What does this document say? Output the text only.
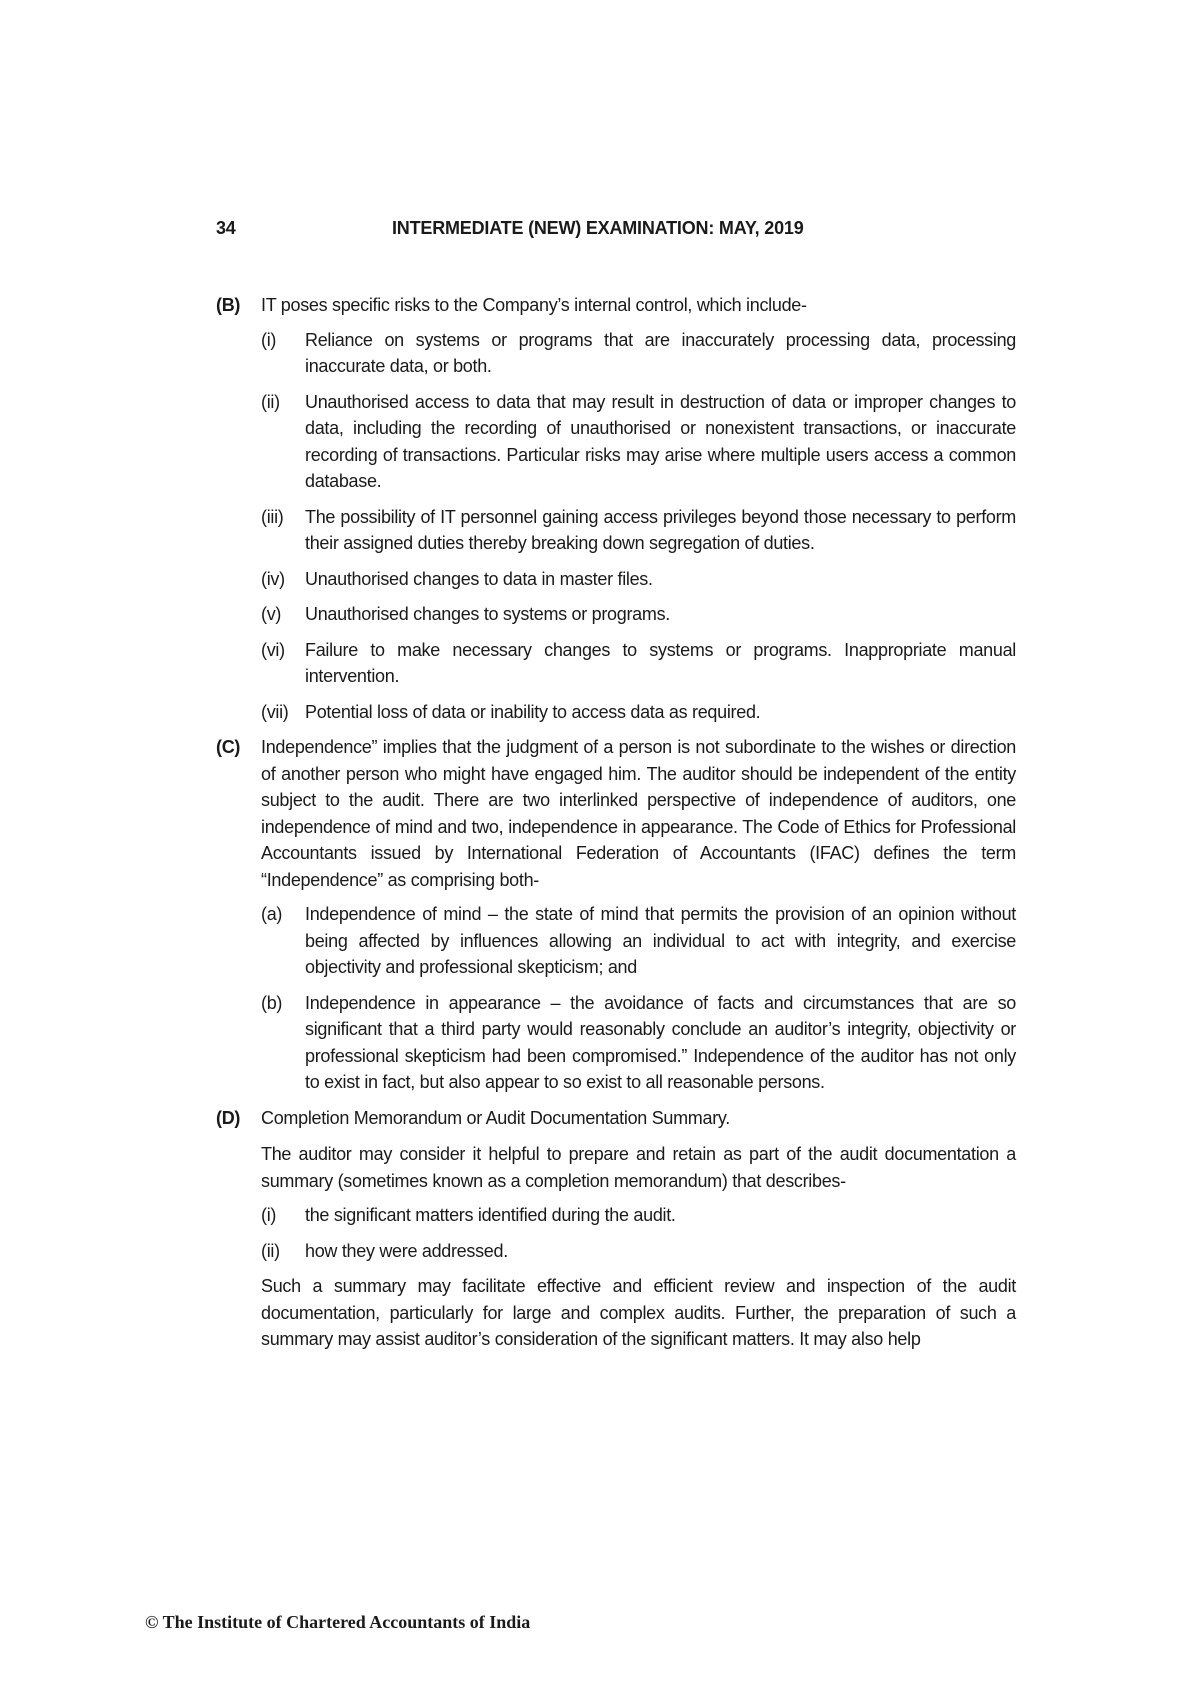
34	INTERMEDIATE (NEW) EXAMINATION: MAY, 2019
(B) IT poses specific risks to the Company’s internal control, which include-

(i) Reliance on systems or programs that are inaccurately processing data, processing inaccurate data, or both.
(ii) Unauthorised access to data that may result in destruction of data or improper changes to data, including the recording of unauthorised or nonexistent transactions, or inaccurate recording of transactions. Particular risks may arise where multiple users access a common database.
(iii) The possibility of IT personnel gaining access privileges beyond those necessary to perform their assigned duties thereby breaking down segregation of duties.
(iv) Unauthorised changes to data in master files.
(v) Unauthorised changes to systems or programs.
(vi) Failure to make necessary changes to systems or programs. Inappropriate manual intervention.
(vii) Potential loss of data or inability to access data as required.
(C) Independence” implies that the judgment of a person is not subordinate to the wishes or direction of another person who might have engaged him. The auditor should be independent of the entity subject to the audit. There are two interlinked perspective of independence of auditors, one independence of mind and two, independence in appearance. The Code of Ethics for Professional Accountants issued by International Federation of Accountants (IFAC) defines the term “Independence” as comprising both-

(a) Independence of mind – the state of mind that permits the provision of an opinion without being affected by influences allowing an individual to act with integrity, and exercise objectivity and professional skepticism; and
(b) Independence in appearance – the avoidance of facts and circumstances that are so significant that a third party would reasonably conclude an auditor’s integrity, objectivity or professional skepticism had been compromised.” Independence of the auditor has not only to exist in fact, but also appear to so exist to all reasonable persons.
(D) Completion Memorandum or Audit Documentation Summary.

The auditor may consider it helpful to prepare and retain as part of the audit documentation a summary (sometimes known as a completion memorandum) that describes-

(i) the significant matters identified during the audit.
(ii) how they were addressed.

Such a summary may facilitate effective and efficient review and inspection of the audit documentation, particularly for large and complex audits. Further, the preparation of such a summary may assist auditor’s consideration of the significant matters. It may also help

© The Institute of Chartered Accountants of India
